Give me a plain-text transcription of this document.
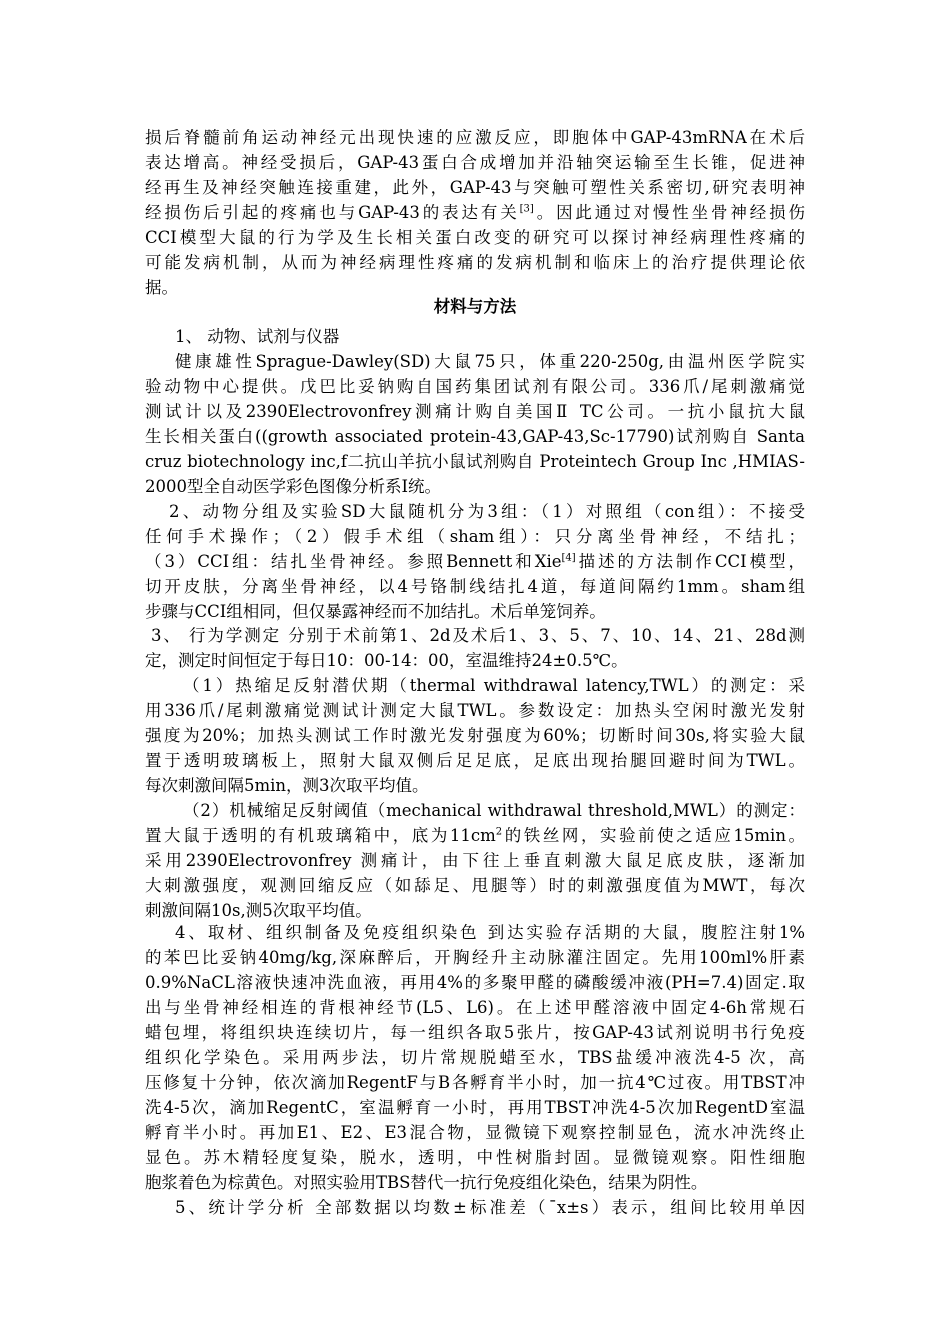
损后脊髓前角运动神经元出现快速的应激反应，即胞体中GAP-43mRNA在术后
表达增高。神经受损后，GAP-43蛋白合成增加并沿轴突运输至生长锥，促进神
经再生及神经突触连接重建，此外，GAP-43与突触可塑性关系密切,研究表明神
经损伤后引起的疼痛也与GAP-43的表达有关[3]。因此通过对慢性坐骨神经损伤
CCI模型大鼠的行为学及生长相关蛋白改变的研究可以探讨神经病理性疼痛的
可能发病机制，从而为神经病理性疼痛的发病机制和临床上的治疗提供理论依
据。
材料与方法
1、 动物、试剂与仪器
健康雄性Sprague-Dawley(SD)大鼠75只，体重220-250g,由温州医学院实
验动物中心提供。戊巴比妥钠购自国药集团试剂有限公司。336爪/尾刺激痛觉
测试计以及2390Electrovonfrey测痛计购自美国Ⅱ TC公司。一抗小鼠抗大鼠
生长相关蛋白((growth associated protein-43,GAP-43,Sc-17790)试剂购自 Santa
cruz biotechnology inc,f二抗山羊抗小鼠试剂购自 Proteintech Group Inc ,HMIAS-
2000型全自动医学彩色图像分析系Ⅰ统。
2、动物分组及实验SD大鼠随机分为3组：（1）对照组（con组）：不接受
任何手术操作；（2）假手术组（sham组）：只分离坐骨神经，不结扎；
（3）CCI组：结扎坐骨神经。参照Bennett和Xie[4]描述的方法制作CCI模型，
切开皮肤，分离坐骨神经，以4号铬制线结扎4道，每道间隔约1mm。sham组
步骤与CCI组相同，但仅暴露神经而不加结扎。术后单笼饲养。
3、 行为学测定 分别于术前第1、2d及术后1、3、5、7、10、14、21、28d测
定，测定时间恒定于每日10：00-14：00，室温维持24±0.5℃。
（1）热缩足反射潜伏期（thermal withdrawal latency,TWL）的测定：采
用336爪/尾刺激痛觉测试计测定大鼠TWL。参数设定：加热头空闲时激光发射
强度为20%；加热头测试工作时激光发射强度为60%；切断时间30s,将实验大鼠
置于透明玻璃板上，照射大鼠双侧后足足底，足底出现抬腿回避时间为TWL。
每次刺激间隔5min，测3次取平均值。
（2）机械缩足反射阈值（mechanical withdrawal threshold,MWL）的测定：
置大鼠于透明的有机玻璃箱中，底为$11cm^2$的铁丝网，实验前使之适应15min。
采用2390Electrovonfrey 测痛计，由下往上垂直刺激大鼠足底皮肤，逐渐加
大刺激强度，观测回缩反应（如舔足、甩腿等）时的刺激强度值为MWT，每次
刺激间隔10s,测5次取平均值。
4、取材、组织制备及免疫组织染色 到达实验存活期的大鼠，腹腔注射1%
的苯巴比妥钠40mg/kg,深麻醉后，开胸经升主动脉灌注固定。先用100ml%肝素
0.9%NaCL溶液快速冲洗血液，再用4%的多聚甲醛的磷酸缓冲液(PH=7.4)固定.取
出与坐骨神经相连的背根神经节(L5、L6)。在上述甲醛溶液中固定4-6h常规石
蜡包埋，将组织块连续切片，每一组织各取5张片，按GAP-43试剂说明书行免疫
组织化学染色。采用两步法，切片常规脱蜡至水，TBS盐缓冲液洗4-5 次，高
压修复十分钟，依次滴加RegentF与B各孵育半小时，加一抗4℃过夜。用TBST冲
洗4-5次，滴加RegentC，室温孵育一小时，再用TBST冲洗4-5次加RegentD室温
孵育半小时。再加E1、E2、E3混合物，显微镜下观察控制显色，流水冲洗终止
显色。苏木精轻度复染，脱水，透明，中性树脂封固。显微镜观察。阳性细胞
胞浆着色为棕黄色。对照实验用TBS替代一抗行免疫组化染色，结果为阴性。
5、统计学分析 全部数据以均数±标准差（ˉx±s）表示，组间比较用单因
